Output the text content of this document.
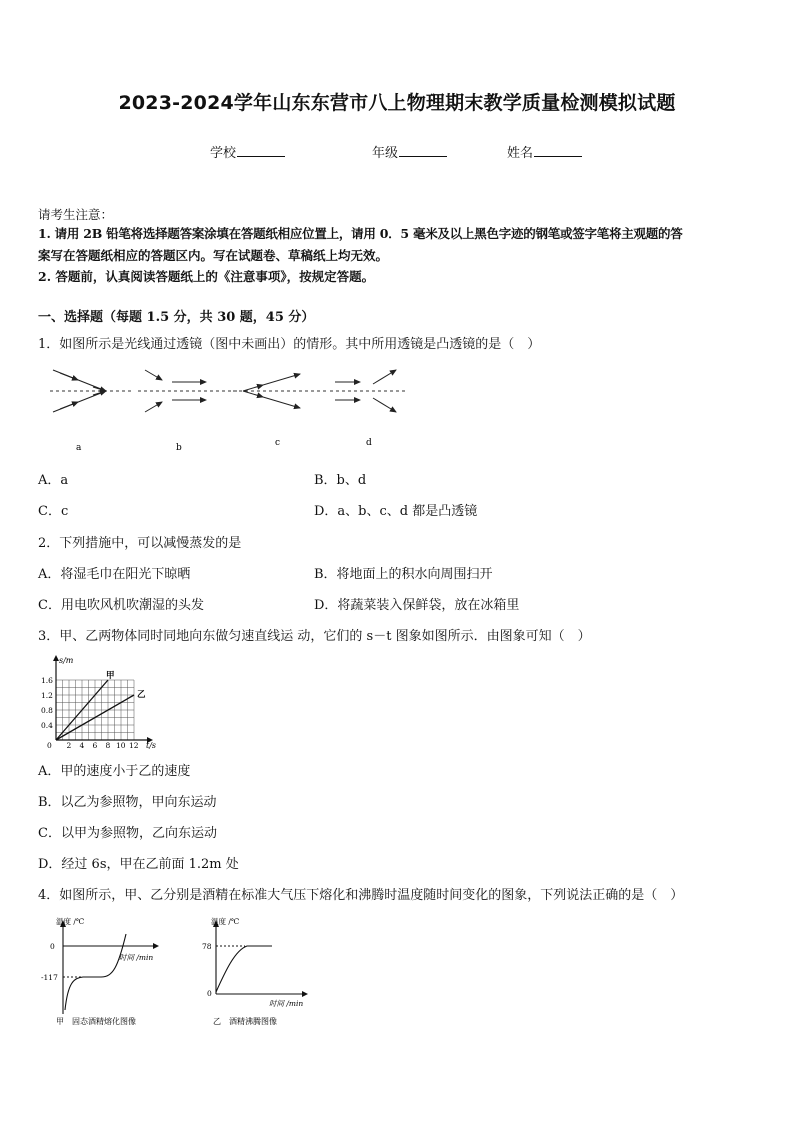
2023-2024学年山东东营市八上物理期末教学质量检测模拟试题
学校	年级	姓名
请考生注意：
1. 请用 2B 铅笔将选择题答案涂填在答题纸相应位置上，请用 0．5 毫米及以上黑色字迹的钢笔或签字笔将主观题的答
案写在答题纸相应的答题区内。写在试题卷、草稿纸上均无效。
2. 答题前，认真阅读答题纸上的《注意事项》，按规定答题。
一、选择题（每题 1.5 分，共 30 题，45 分）
1．如图所示是光线通过透镜（图中未画出）的情形。其中所用透镜是凸透镜的是（　）
a	b	c	d
A．a	B．b、d
C．c	D．a、b、c、d 都是凸透镜
2．下列措施中，可以减慢蒸发的是
A．将湿毛巾在阳光下晾晒	B．将地面上的积水向周围扫开
C．用电吹风机吹潮湿的头发	D．将蔬菜装入保鲜袋，放在冰箱里
3．甲、乙两物体同时同地向东做匀速直线运 动，它们的 s－t 图象如图所示．由图象可知（　）
s/m
t/s
0.4
0.8
1.2
1.6
0 2 4 6 8 10 12
甲
乙
A．甲的速度小于乙的速度
B．以乙为参照物，甲向东运动
C．以甲为参照物，乙向东运动
D．经过 6s，甲在乙前面 1.2m 处
4．如图所示，甲、乙分别是酒精在标准大气压下熔化和沸腾时温度随时间变化的图象，下列说法正确的是（　）
温度 /℃
时间 /min
0
-117
甲　固态酒精熔化图像
温度 /℃
时间 /min
78
0
乙　酒精沸腾图像
